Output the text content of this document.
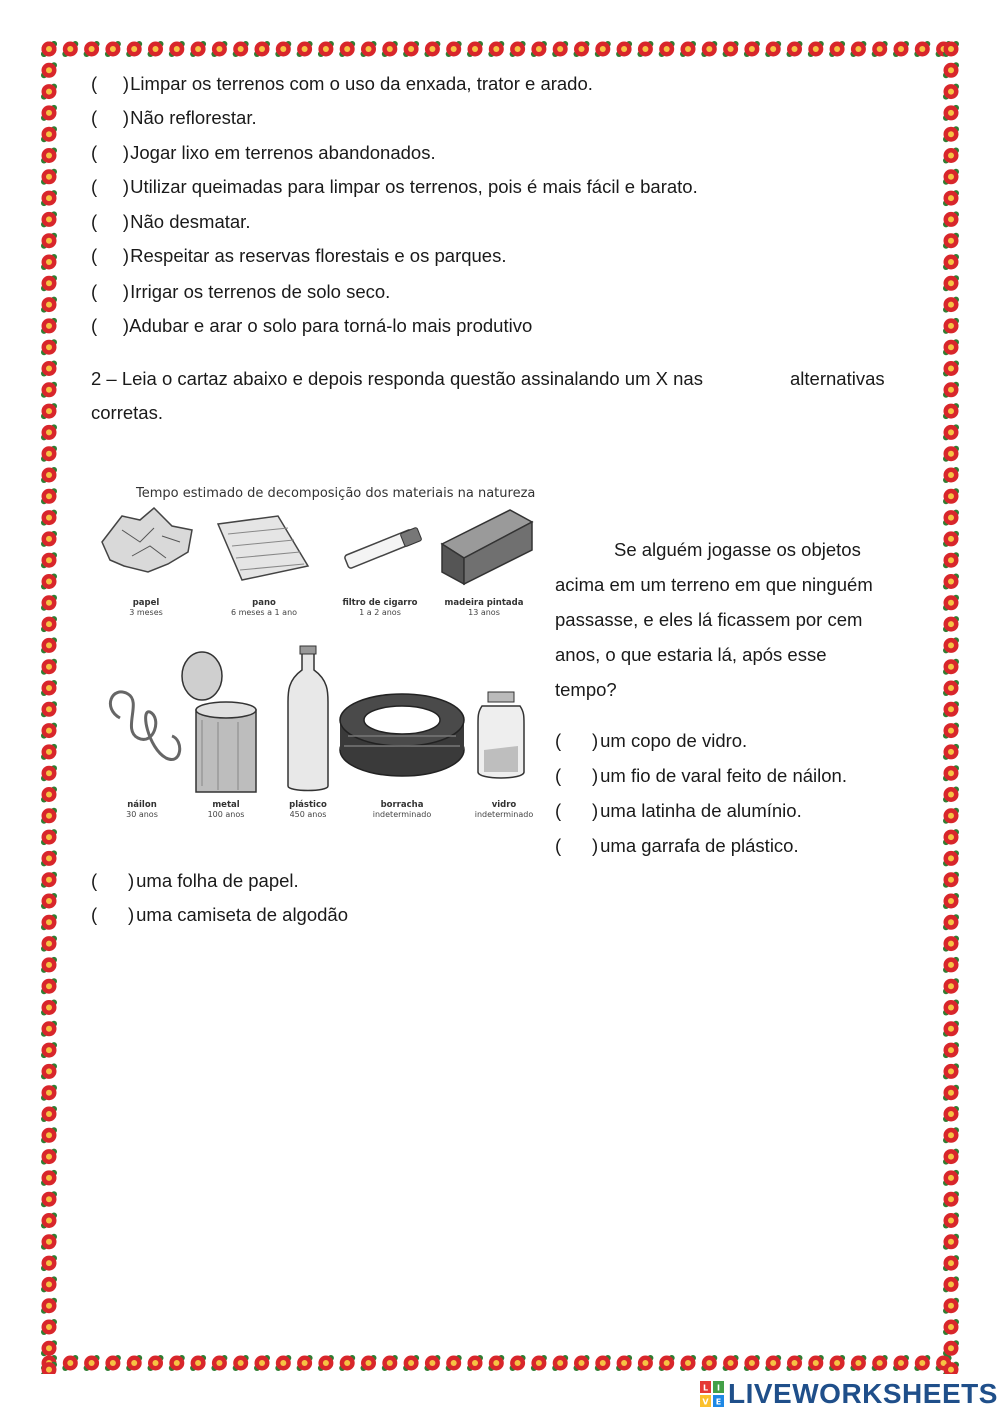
( ) Limpar os terrenos com o uso da enxada, trator e arado.
( ) Não reflorestar.
( ) Jogar lixo em terrenos abandonados.
( ) Utilizar queimadas para limpar os terrenos, pois é mais fácil e barato.
( ) Não desmatar.
( ) Respeitar as reservas florestais e os parques.
( ) Irrigar os terrenos de solo seco.
( ) Adubar e arar o solo para torná-lo mais produtivo
2 – Leia o cartaz abaixo e depois responda questão assinalando um X nas	alternativas
corretas.
Tempo estimado de decomposição dos materiais na natureza
papel
3 meses
pano
6 meses a 1 ano
filtro de cigarro
1 a 2 anos
madeira pintada
13 anos
náilon
30 anos
metal
100 anos
plástico
450 anos
borracha
indeterminado
vidro
indeterminado
Se alguém jogasse os objetos
acima em um terreno em que ninguém
passasse, e eles lá ficassem por cem
anos, o que estaria lá, após esse
tempo?
( ) um copo de vidro.
( ) um fio de varal feito de náilon.
( ) uma latinha de alumínio.
( ) uma garrafa de plástico.
( ) uma folha de papel.
( ) uma camiseta de algodão
L I
V E LIVEWORKSHEETS
